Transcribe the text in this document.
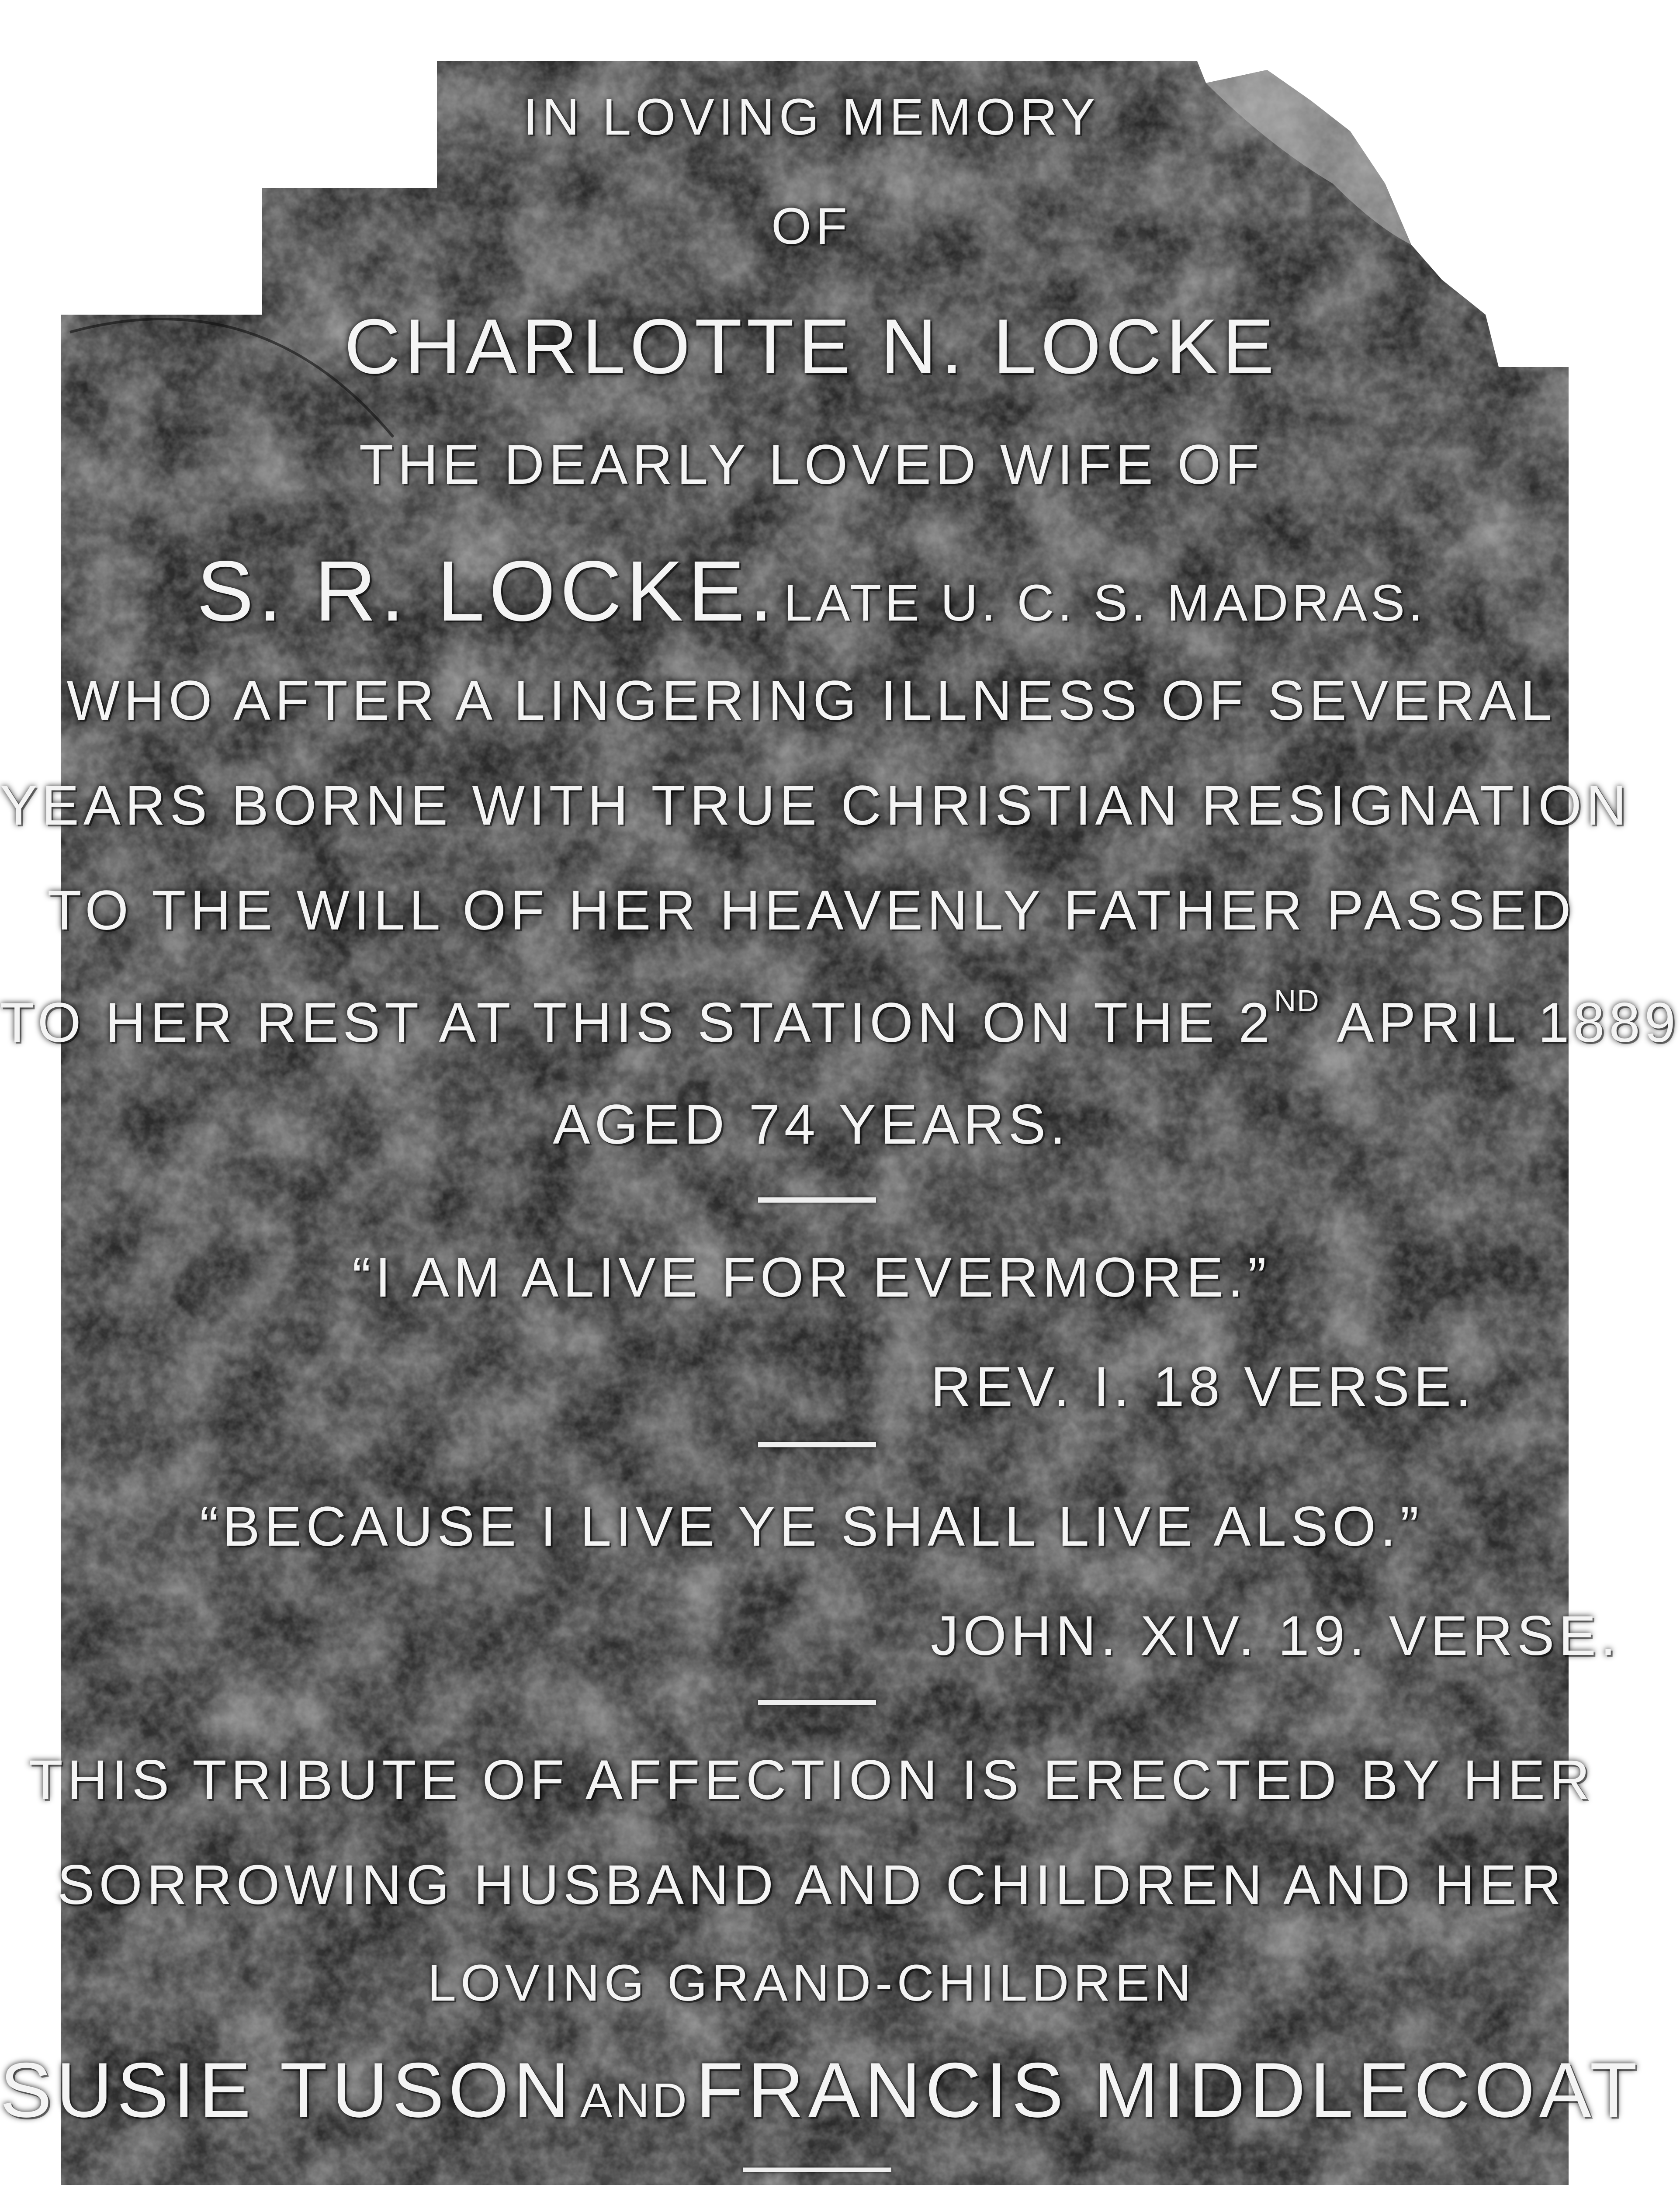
IN LOVING MEMORY
OF
CHARLOTTE N. LOCKE
THE DEARLY LOVED WIFE OF
S. R. LOCKE. LATE U. C. S. MADRAS.
WHO AFTER A LINGERING ILLNESS OF SEVERAL
YEARS BORNE WITH TRUE CHRISTIAN RESIGNATION
TO THE WILL OF HER HEAVENLY FATHER PASSED
TO HER REST AT THIS STATION ON THE 2ND APRIL 1889
AGED 74 YEARS.
“I AM ALIVE FOR EVERMORE.”
REV. I. 18 VERSE.
“BECAUSE I LIVE YE SHALL LIVE ALSO.”
JOHN. XIV. 19. VERSE.
THIS TRIBUTE OF AFFECTION IS ERECTED BY HER
SORROWING HUSBAND AND CHILDREN AND HER
LOVING GRAND-CHILDREN
SUSIE TUSON AND FRANCIS MIDDLECOAT
